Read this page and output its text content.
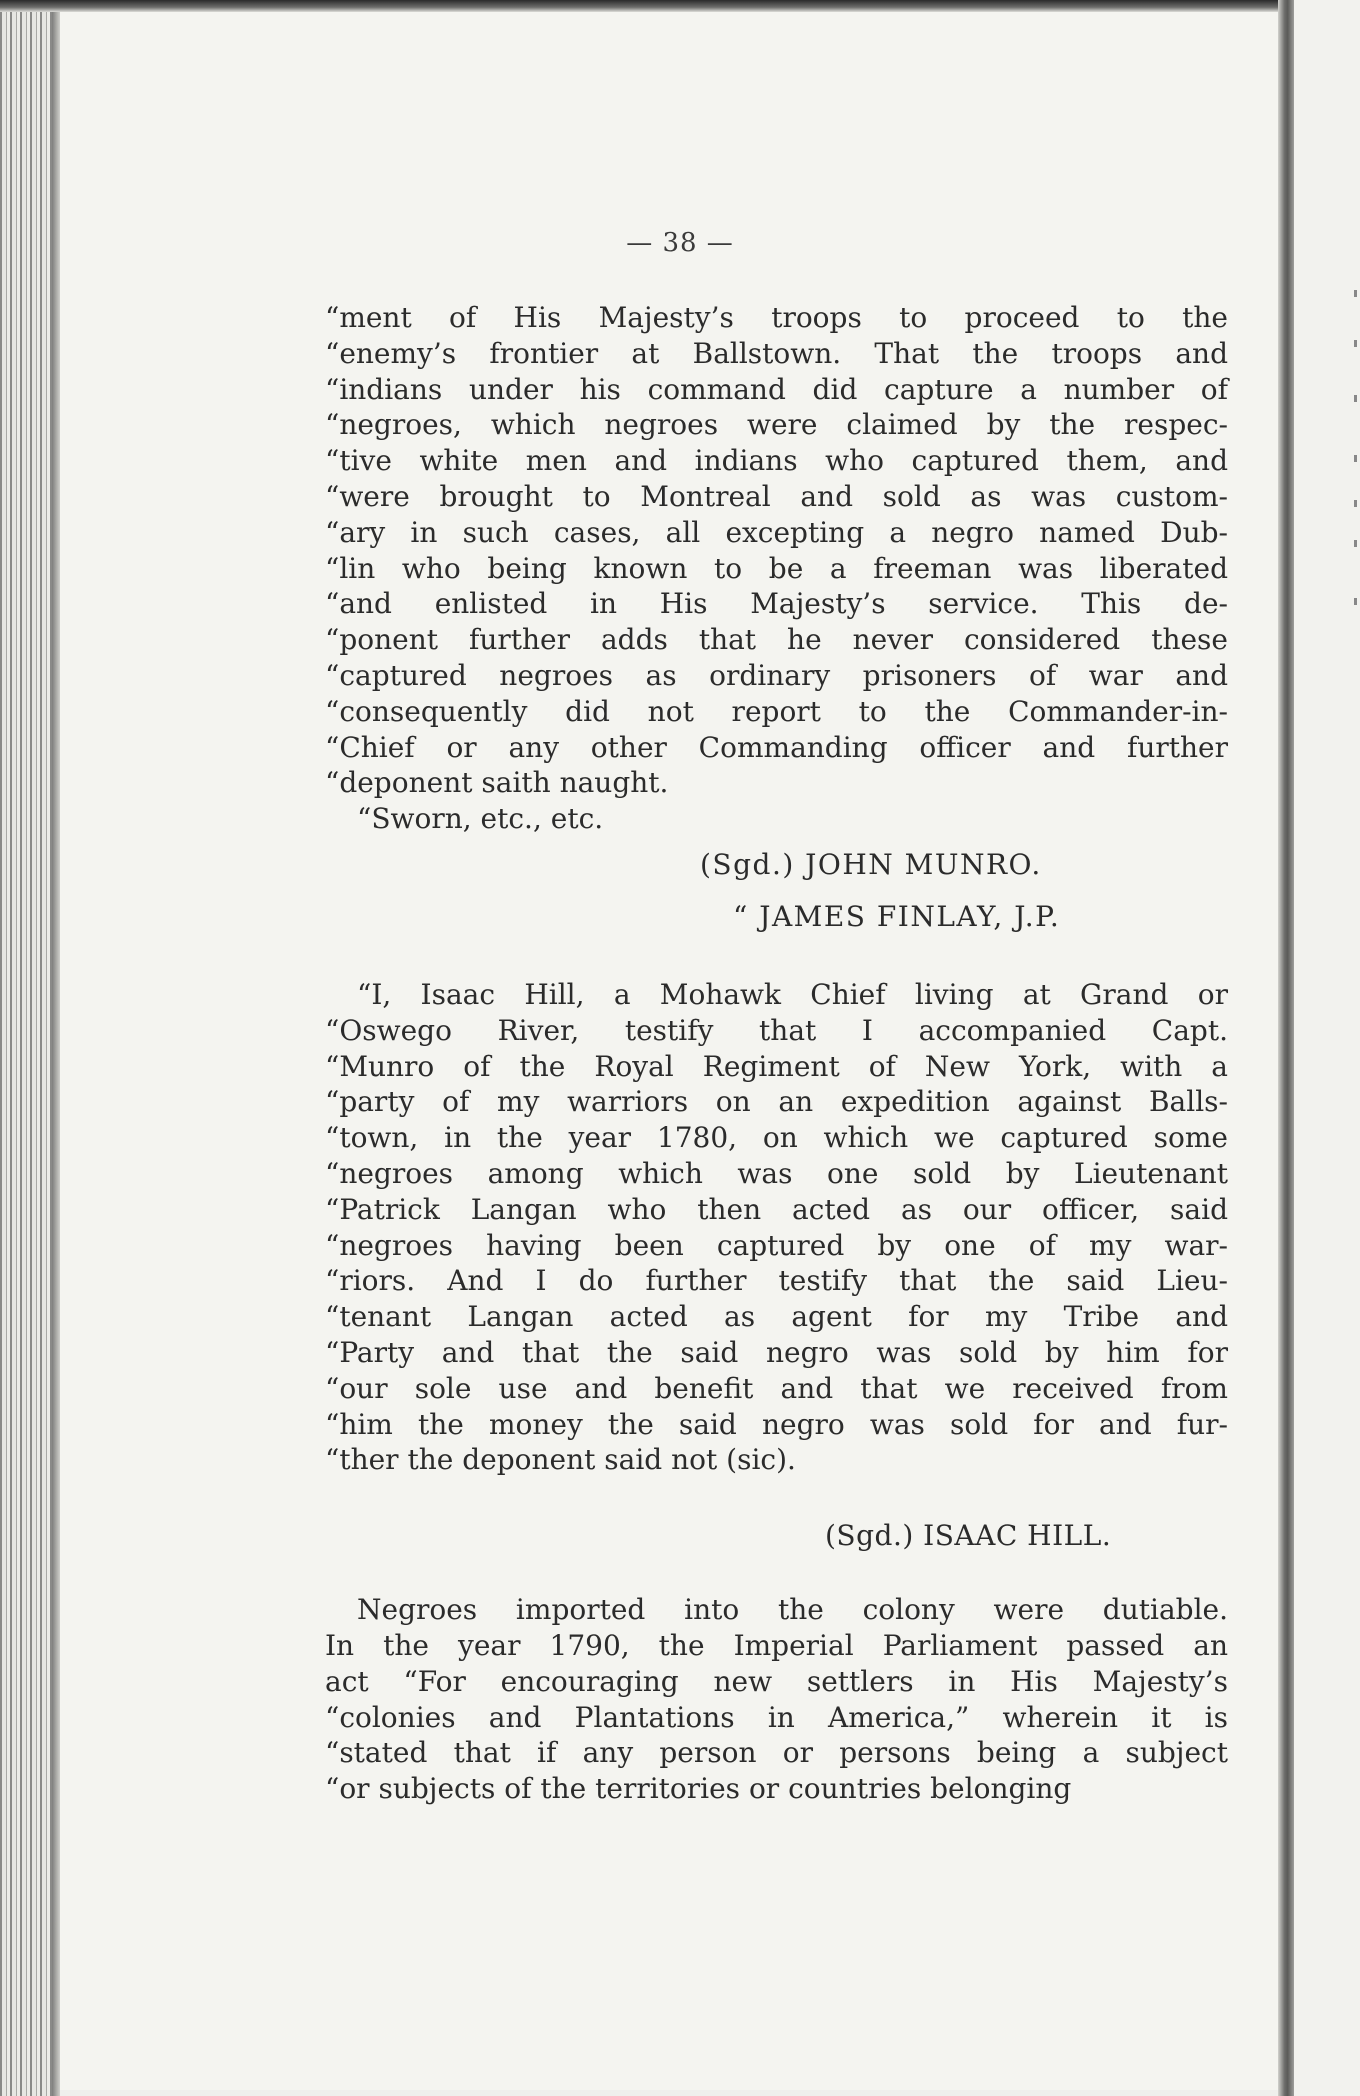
— 38 —
“ment of His Majesty’s troops to proceed to the
“enemy’s frontier at Ballstown. That the troops and
“indians under his command did capture a number of
“negroes, which negroes were claimed by the respec-
“tive white men and indians who captured them, and
“were brought to Montreal and sold as was custom-
“ary in such cases, all excepting a negro named Dub-
“lin who being known to be a freeman was liberated
“and enlisted in His Majesty’s service. This de-
“ponent further adds that he never considered these
“captured negroes as ordinary prisoners of war and
“consequently did not report to the Commander-in-
“Chief or any other Commanding officer and further
“deponent saith naught.
“Sworn, etc., etc.
(Sgd.) JOHN MUNRO.
“ JAMES FINLAY, J.P.
“I, Isaac Hill, a Mohawk Chief living at Grand or
“Oswego River, testify that I accompanied Capt.
“Munro of the Royal Regiment of New York, with a
“party of my warriors on an expedition against Balls-
“town, in the year 1780, on which we captured some
“negroes among which was one sold by Lieutenant
“Patrick Langan who then acted as our officer, said
“negroes having been captured by one of my war-
“riors. And I do further testify that the said Lieu-
“tenant Langan acted as agent for my Tribe and
“Party and that the said negro was sold by him for
“our sole use and benefit and that we received from
“him the money the said negro was sold for and fur-
“ther the deponent said not (sic).
(Sgd.) ISAAC HILL.
Negroes imported into the colony were dutiable.
In the year 1790, the Imperial Parliament passed an
act “For encouraging new settlers in His Majesty’s
“colonies and Plantations in America,” wherein it is
“stated that if any person or persons being a subject
“or subjects of the territories or countries belonging
